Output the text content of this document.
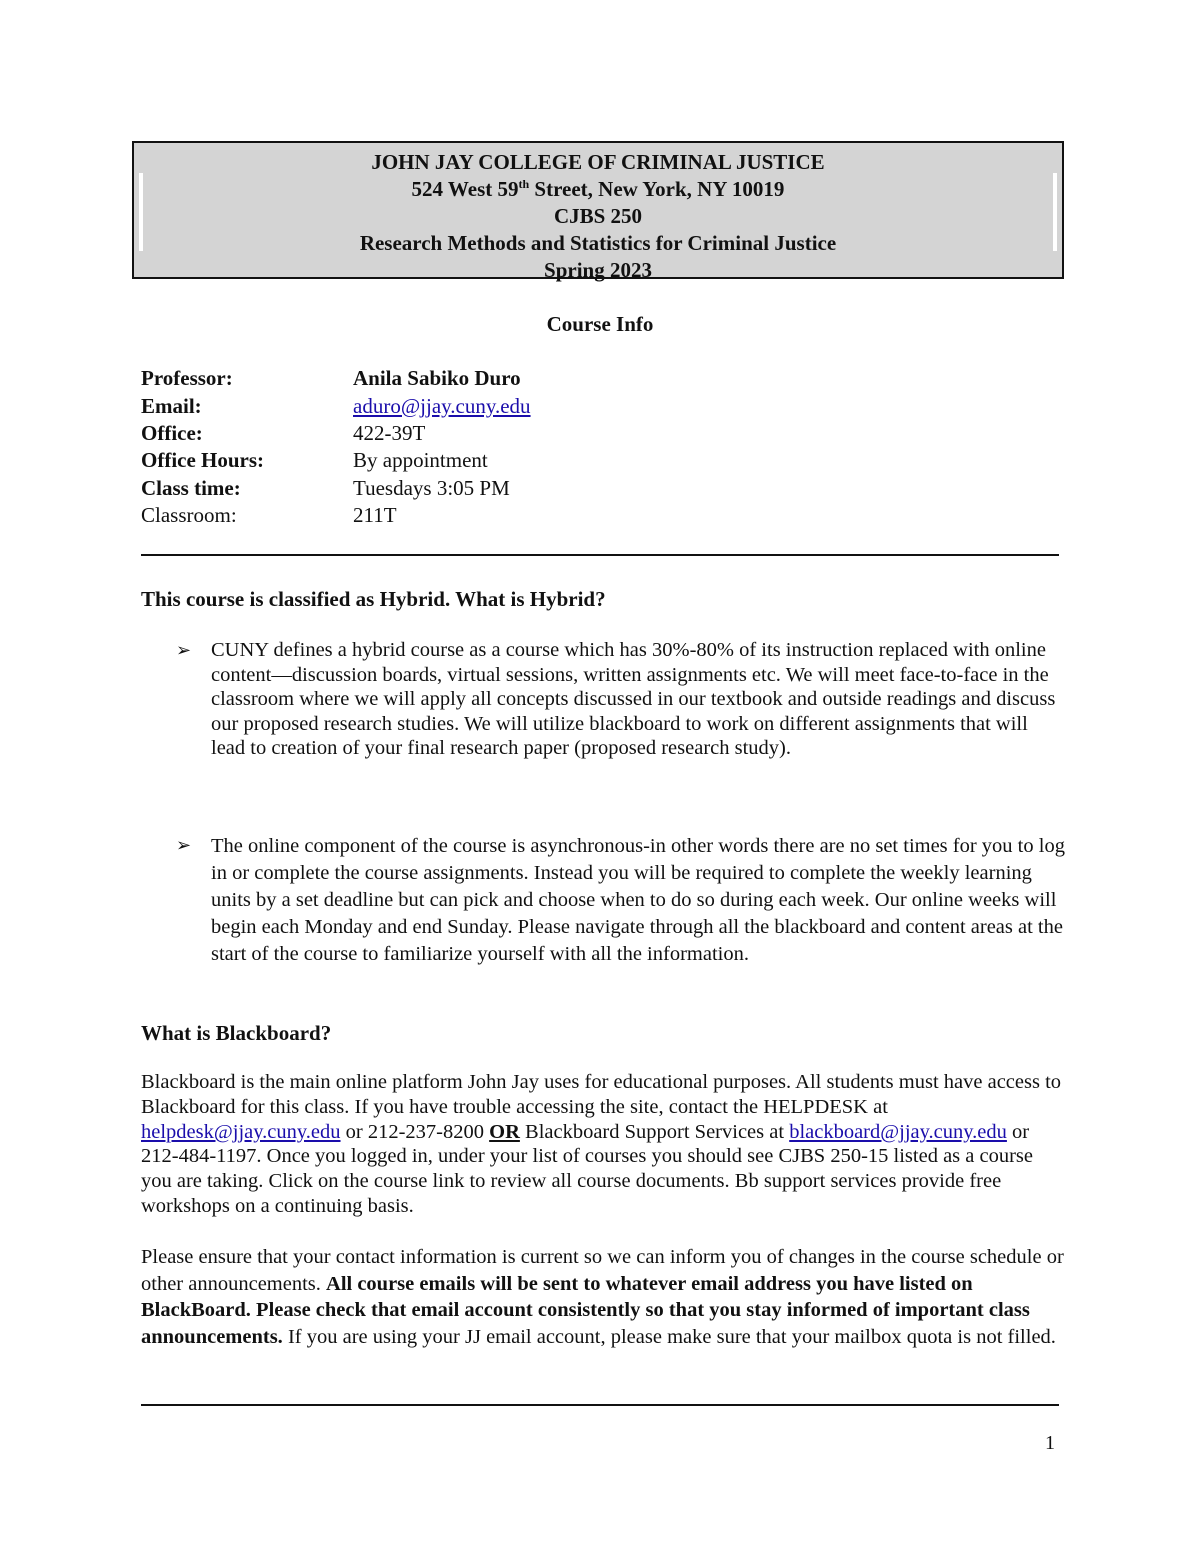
JOHN JAY COLLEGE OF CRIMINAL JUSTICE
524 West 59th Street, New York, NY 10019
CJBS 250
Research Methods and Statistics for Criminal Justice
Spring 2023
Course Info
Professor:	Anila Sabiko Duro
Email:	aduro@jjay.cuny.edu
Office:	422-39T
Office Hours:	By appointment
Class time:	Tuesdays 3:05 PM
Classroom:	211T
This course is classified as Hybrid. What is Hybrid?
➢ CUNY defines a hybrid course as a course which has 30%-80% of its instruction replaced with online content—discussion boards, virtual sessions, written assignments etc. We will meet face-to-face in the classroom where we will apply all concepts discussed in our textbook and outside readings and discuss our proposed research studies. We will utilize blackboard to work on different assignments that will lead to creation of your final research paper (proposed research study).
➢ The online component of the course is asynchronous-in other words there are no set times for you to log in or complete the course assignments. Instead you will be required to complete the weekly learning units by a set deadline but can pick and choose when to do so during each week. Our online weeks will begin each Monday and end Sunday. Please navigate through all the blackboard and content areas at the start of the course to familiarize yourself with all the information.
What is Blackboard?
Blackboard is the main online platform John Jay uses for educational purposes. All students must have access to Blackboard for this class. If you have trouble accessing the site, contact the HELPDESK at helpdesk@jjay.cuny.edu or 212-237-8200 OR Blackboard Support Services at blackboard@jjay.cuny.edu or 212-484-1197. Once you logged in, under your list of courses you should see CJBS 250-15 listed as a course you are taking. Click on the course link to review all course documents. Bb support services provide free workshops on a continuing basis.
Please ensure that your contact information is current so we can inform you of changes in the course schedule or other announcements. All course emails will be sent to whatever email address you have listed on BlackBoard. Please check that email account consistently so that you stay informed of important class announcements. If you are using your JJ email account, please make sure that your mailbox quota is not filled.
1
